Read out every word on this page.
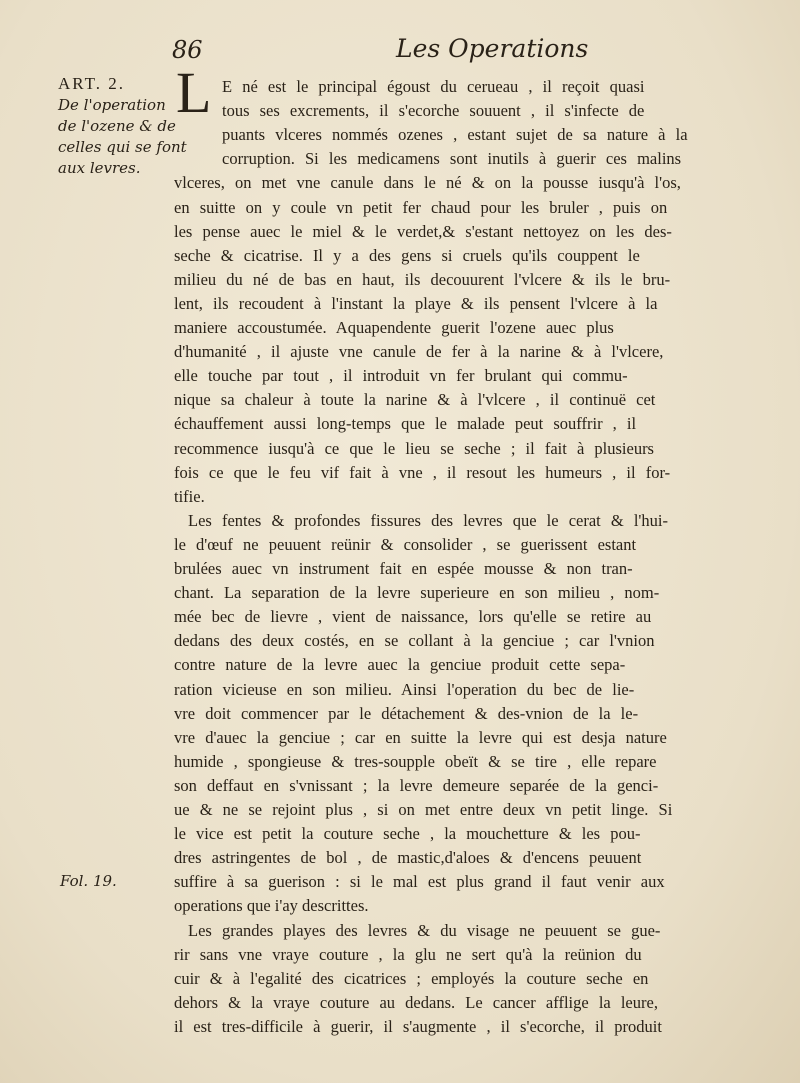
86	Les Operations
ART. 2.
De l'operation
de l'ozene & de
celles qui se font
aux levres.
Fol. 19.
L E né est le principal égoust du cerueau , il reçoit quasi
tous ses excrements, il s'ecorche souuent , il s'infecte de
puants vlceres nommés ozenes , estant sujet de sa nature à la
corruption. Si les medicamens sont inutils à guerir ces malins
vlceres, on met vne canule dans le né & on la pousse iusqu'à l'os,
en suitte on y coule vn petit fer chaud pour les bruler , puis on
les pense auec le miel & le verdet,& s'estant nettoyez on les des-
seche & cicatrise. Il y a des gens si cruels qu'ils couppent le
milieu du né de bas en haut, ils decouurent l'vlcere & ils le bru-
lent, ils recoudent à l'instant la playe & ils pensent l'vlcere à la
maniere accoustumée. Aquapendente guerit l'ozene auec plus
d'humanité , il ajuste vne canule de fer à la narine & à l'vlcere,
elle touche par tout , il introduit vn fer brulant qui commu-
nique sa chaleur à toute la narine & à l'vlcere , il continuë cet
échauffement aussi long-temps que le malade peut souffrir , il
recommence iusqu'à ce que le lieu se seche ; il fait à plusieurs
fois ce que le feu vif fait à vne , il resout les humeurs , il for-
tifie.
Les fentes & profondes fissures des levres que le cerat & l'hui-
le d'œuf ne peuuent reünir & consolider , se guerissent estant
brulées auec vn instrument fait en espée mousse & non tran-
chant. La separation de la levre superieure en son milieu , nom-
mée bec de lievre , vient de naissance, lors qu'elle se retire au
dedans des deux costés, en se collant à la genciue ; car l'vnion
contre nature de la levre auec la genciue produit cette sepa-
ration vicieuse en son milieu. Ainsi l'operation du bec de lie-
vre doit commencer par le détachement & des-vnion de la le-
vre d'auec la genciue ; car en suitte la levre qui est desja nature
humide , spongieuse & tres-soupple obeït & se tire , elle repare
son deffaut en s'vnissant ; la levre demeure separée de la genci-
ue & ne se rejoint plus , si on met entre deux vn petit linge. Si
le vice est petit la couture seche , la mouchetture & les pou-
dres astringentes de bol , de mastic,d'aloes & d'encens peuuent
suffire à sa guerison : si le mal est plus grand il faut venir aux
operations que i'ay descrittes.
Les grandes playes des levres & du visage ne peuuent se gue-
rir sans vne vraye couture , la glu ne sert qu'à la reünion du
cuir & à l'egalité des cicatrices ; employés la couture seche en
dehors & la vraye couture au dedans. Le cancer afflige la leure,
il est tres-difficile à guerir, il s'augmente , il s'ecorche, il produit
